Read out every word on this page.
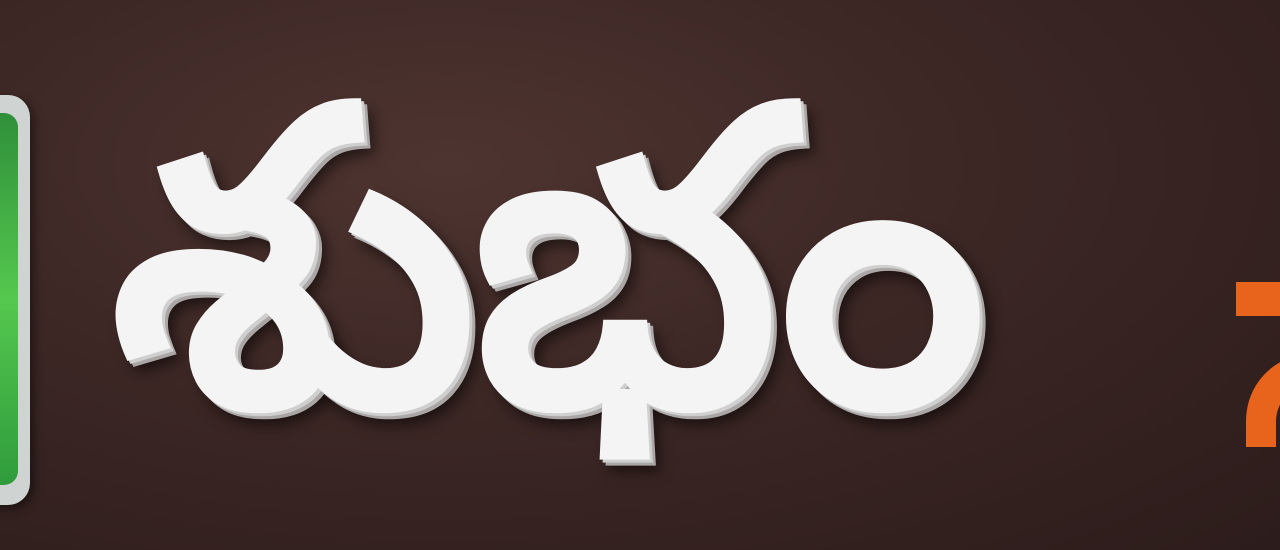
శుభం
